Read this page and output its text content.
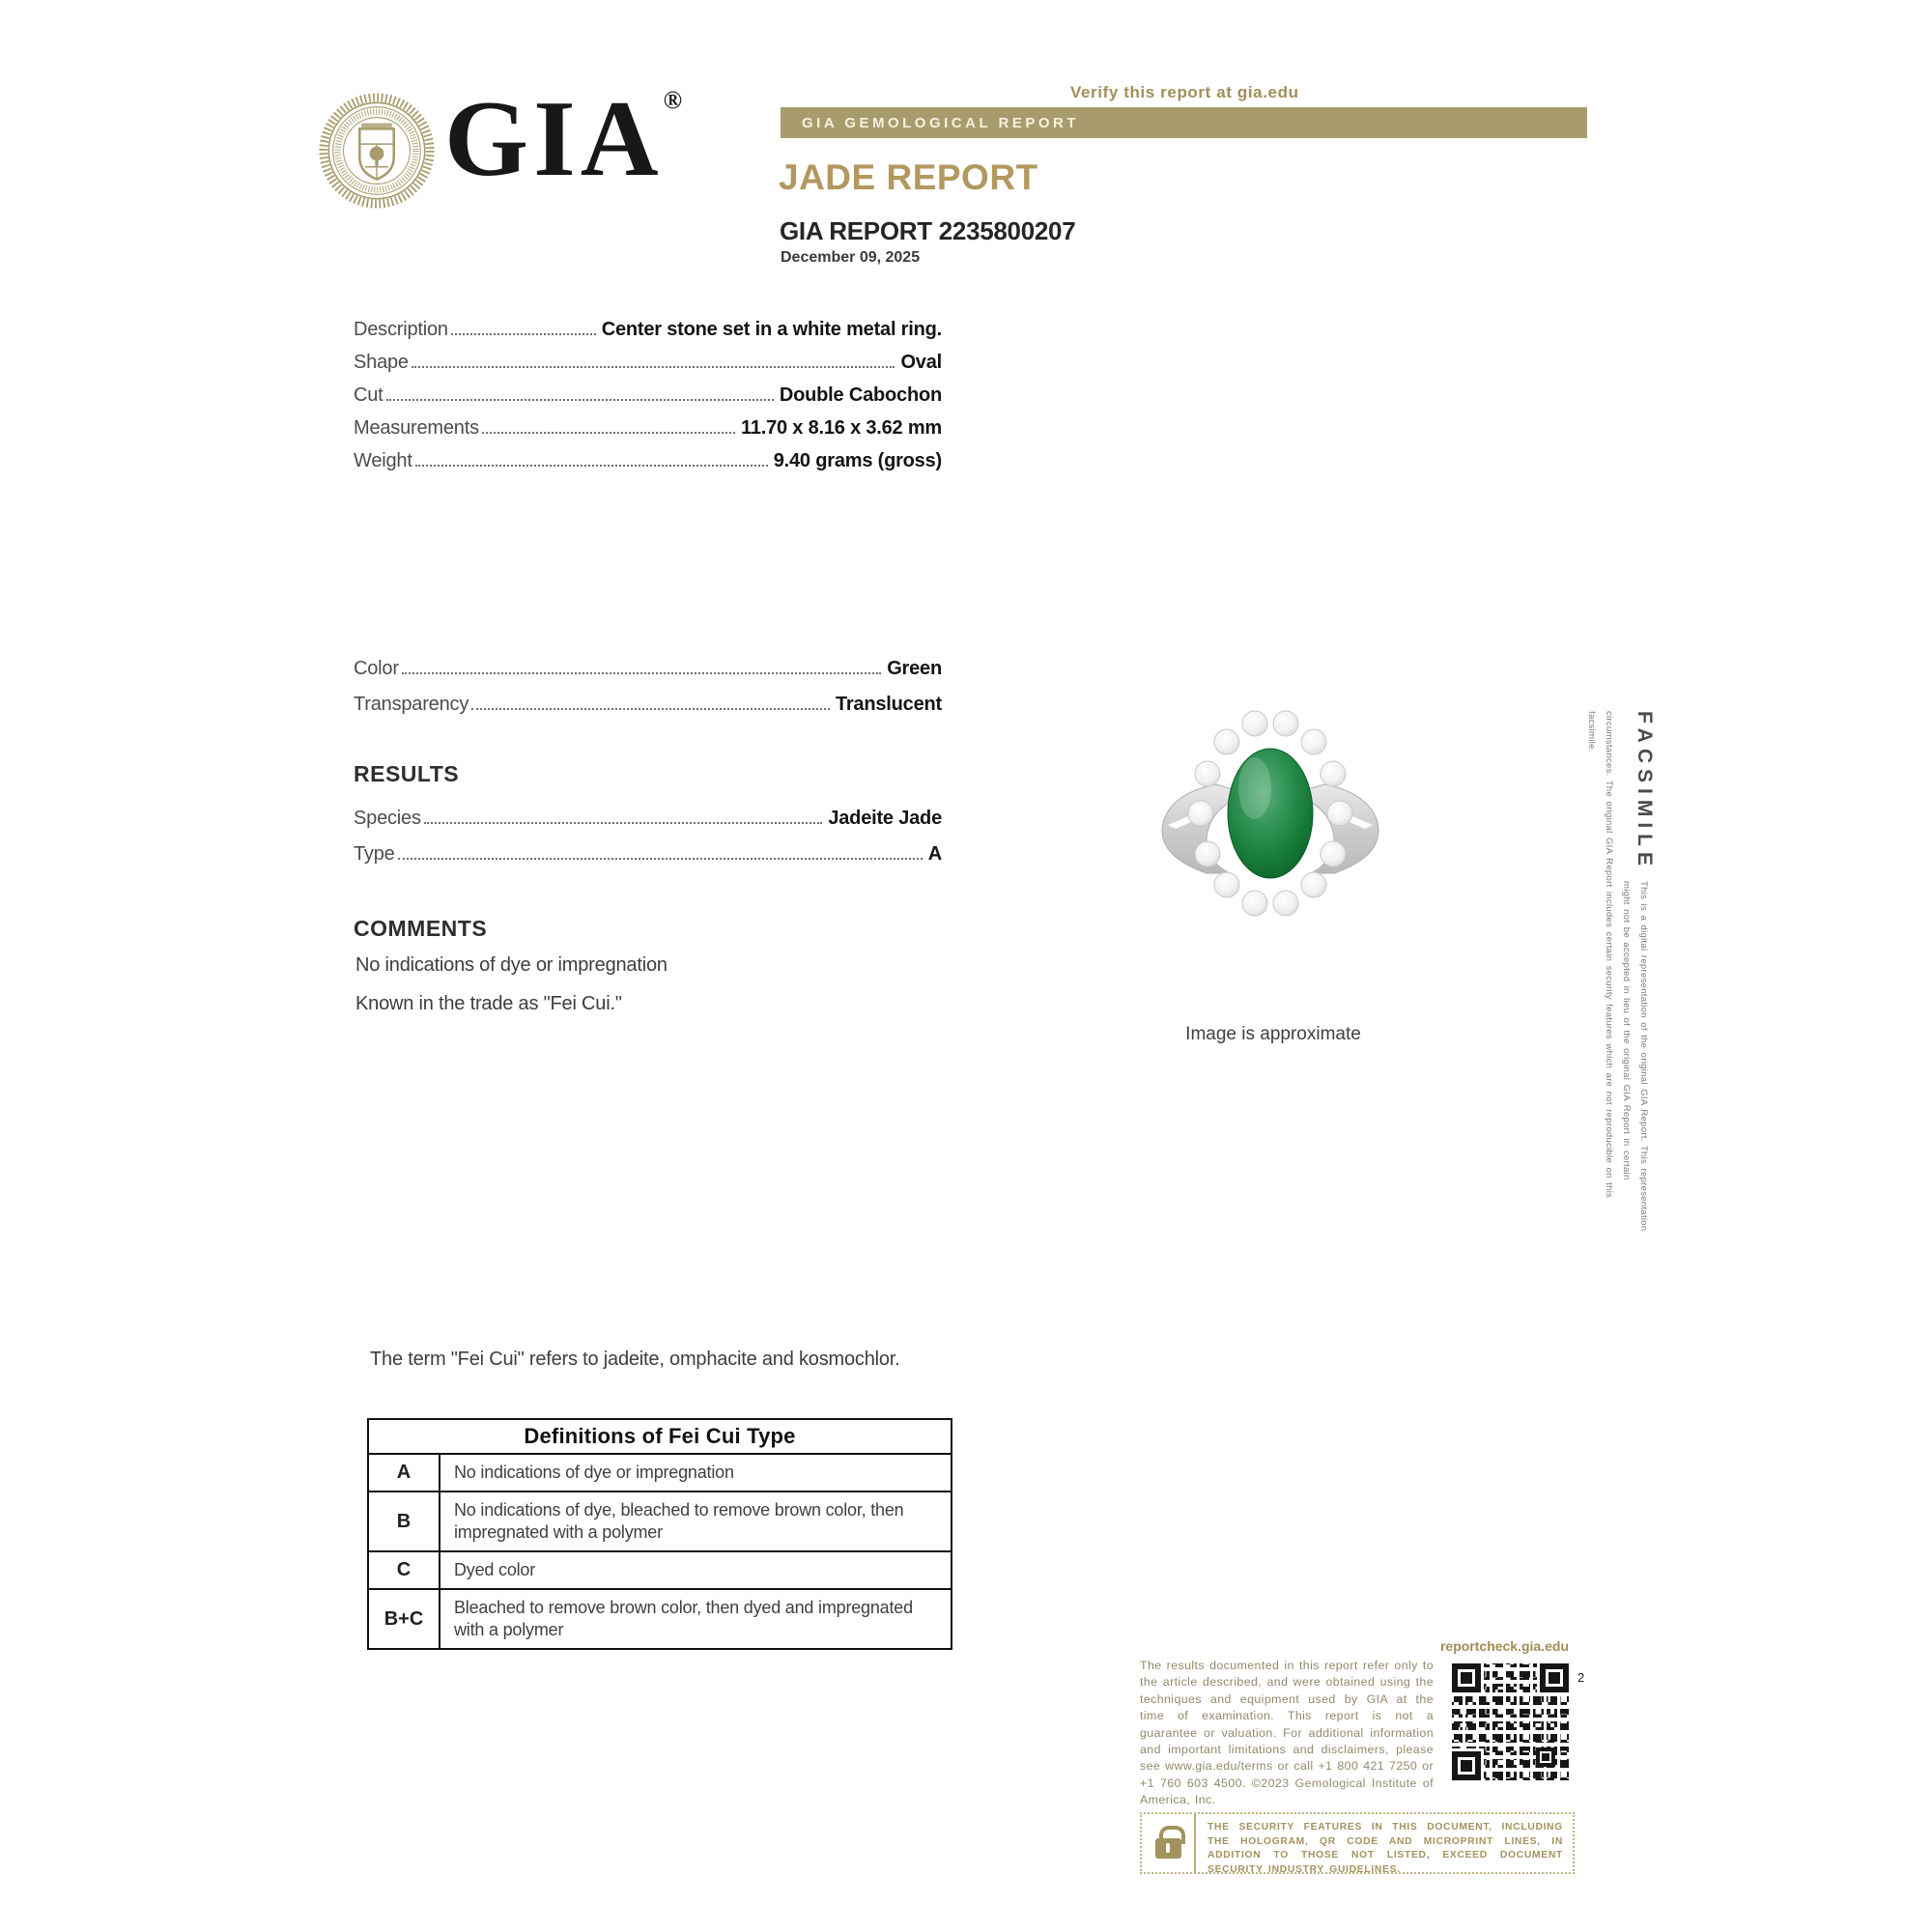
Verify this report at gia.edu
GIA®
GIA GEMOLOGICAL REPORT
JADE REPORT
GIA REPORT 2235800207
December 09, 2025
Description	Center stone set in a white metal ring.
Shape	Oval
Cut	Double Cabochon
Measurements	11.70 x 8.16 x 3.62 mm
Weight	9.40 grams (gross)
Color	Green
Transparency	Translucent
RESULTS
Species	Jadeite Jade
Type	A
COMMENTS
No indications of dye or impregnation
Known in the trade as "Fei Cui."
Image is approximate
FACSIMILE
This is a digital representation of the original GIA Report. This representation might not be accepted in lieu of the original GIA Report in certain circumstances. The original GIA Report includes certain security features which are not reproducible on this facsimile.
The term "Fei Cui" refers to jadeite, omphacite and kosmochlor.
Definitions of Fei Cui Type	
A	No indications of dye or impregnation
B	No indications of dye, bleached to remove brown color, then impregnated with a polymer
C	Dyed color
B+C	Bleached to remove brown color, then dyed and impregnated with a polymer

The results documented in this report refer only to the article described, and were obtained using the techniques and equipment used by GIA at the time of examination. This report is not a guarantee or valuation. For additional information and important limitations and disclaimers, please see www.gia.edu/terms or call +1 800 421 7250 or +1 760 603 4500. ©2023 Gemological Institute of America, Inc.

reportcheck.gia.edu
2

THE SECURITY FEATURES IN THIS DOCUMENT, INCLUDING THE HOLOGRAM, QR CODE AND MICROPRINT LINES, IN ADDITION TO THOSE NOT LISTED, EXCEED DOCUMENT SECURITY INDUSTRY GUIDELINES.
